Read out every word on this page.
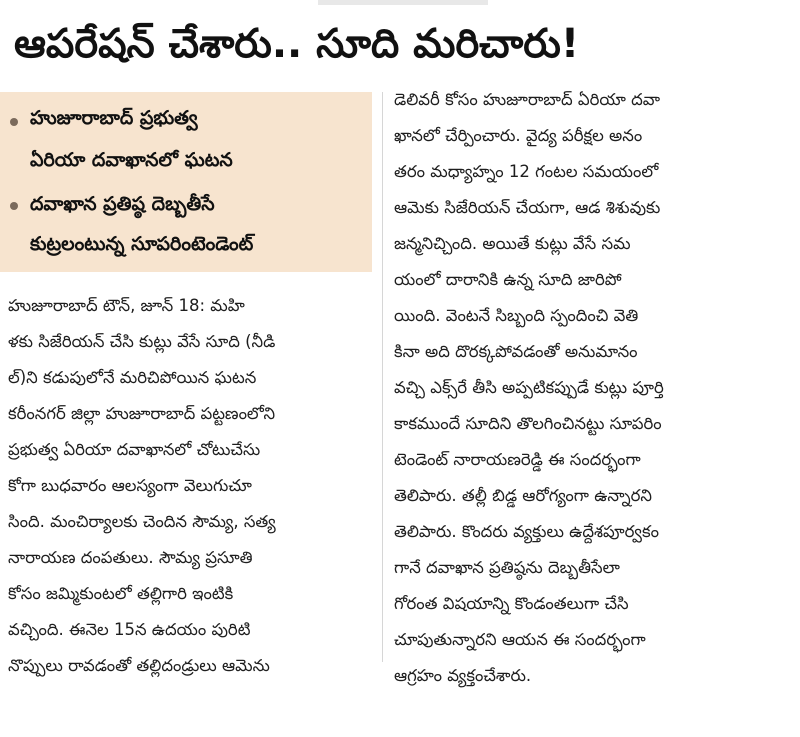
ఆపరేషన్ చేశారు.. సూది మరిచారు!
హుజూరాబాద్ ప్రభుత్వ
ఏరియా దవాఖానలో ఘటన
దవాఖాన ప్రతిష్ఠ దెబ్బతీసే
కుట్రలంటున్న సూపరింటెండెంట్
హుజూరాబాద్ టౌన్, జూన్ 18: మహి
ళకు సిజేరియన్ చేసి కుట్లు వేసే సూది (నీడి
ల్)ని కడుపులోనే మరిచిపోయిన ఘటన
కరీంనగర్ జిల్లా హుజూరాబాద్ పట్టణంలోని
ప్రభుత్వ ఏరియా దవాఖానలో చోటుచేసు
కోగా బుధవారం ఆలస్యంగా వెలుగుచూ
సింది. మంచిర్యాలకు చెందిన సౌమ్య, సత్య
నారాయణ దంపతులు. సౌమ్య ప్రసూతి
కోసం జమ్మికుంటలో తల్లిగారి ఇంటికి
వచ్చింది. ఈనెల 15న ఉదయం పురిటి
నొప్పులు రావడంతో తల్లిదండ్రులు ఆమెను
డెలివరీ కోసం హుజూరాబాద్ ఏరియా దవా
ఖానలో చేర్పించారు. వైద్య పరీక్షల అనం
తరం మధ్యాహ్నం 12 గంటల సమయంలో
ఆమెకు సిజేరియన్ చేయగా, ఆడ శిశువుకు
జన్మనిచ్చింది. అయితే కుట్లు వేసే సమ
యంలో దారానికి ఉన్న సూది జారిపో
యింది. వెంటనే సిబ్బంది స్పందించి వెతి
కినా అది దొరక్కపోవడంతో అనుమానం
వచ్చి ఎక్స్‌రే తీసి అప్పటికప్పుడే కుట్లు పూర్తి
కాకముందే సూదిని తొలగించినట్టు సూపరిం
టెండెంట్ నారాయణరెడ్డి ఈ సందర్భంగా
తెలిపారు. తల్లీ బిడ్డ ఆరోగ్యంగా ఉన్నారని
తెలిపారు. కొందరు వ్యక్తులు ఉద్దేశపూర్వకం
గానే దవాఖాన ప్రతిష్ఠను దెబ్బతీసేలా
గోరంత విషయాన్ని కొండంతలుగా చేసి
చూపుతున్నారని ఆయన ఈ సందర్భంగా
ఆగ్రహం వ్యక్తంచేశారు.
